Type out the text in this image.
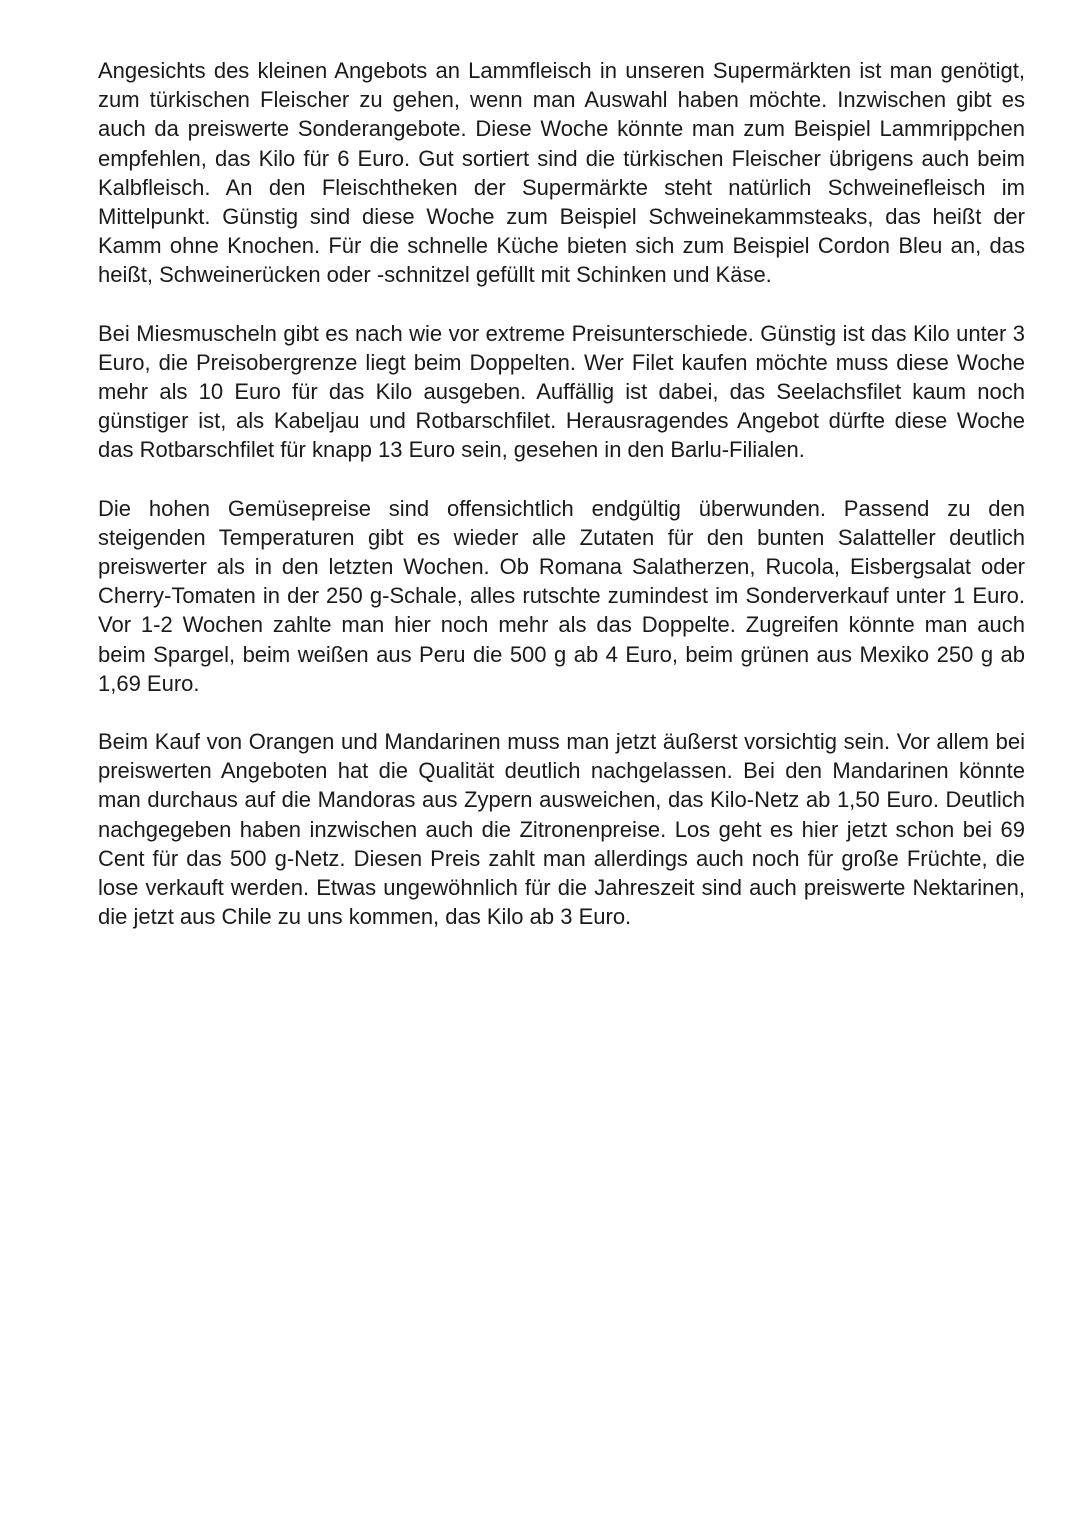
Angesichts des kleinen Angebots an Lammfleisch in unseren Supermärkten ist man genötigt, zum türkischen Fleischer zu gehen, wenn man Auswahl haben möchte. Inzwischen gibt es auch da preiswerte Sonderangebote. Diese Woche könnte man zum Beispiel Lammrippchen empfehlen, das Kilo für 6 Euro. Gut sortiert sind die türkischen Fleischer übrigens auch beim Kalbfleisch. An den Fleischtheken der Supermärkte steht natürlich Schweinefleisch im Mittelpunkt. Günstig sind diese Woche zum Beispiel Schweinekammsteaks, das heißt der Kamm ohne Knochen. Für die schnelle Küche bieten sich zum Beispiel Cordon Bleu an, das heißt, Schweinerücken oder -schnitzel gefüllt mit Schinken und Käse.

Bei Miesmuscheln gibt es nach wie vor extreme Preisunterschiede. Günstig ist das Kilo unter 3 Euro, die Preisobergrenze liegt beim Doppelten. Wer Filet kaufen möchte muss diese Woche mehr als 10 Euro für das Kilo ausgeben. Auffällig ist dabei, das Seelachsfilet kaum noch günstiger ist, als Kabeljau und Rotbarschfilet. Herausragendes Angebot dürfte diese Woche das Rotbarschfilet für knapp 13 Euro sein, gesehen in den Barlu-Filialen.

Die hohen Gemüsepreise sind offensichtlich endgültig überwunden. Passend zu den steigenden Temperaturen gibt es wieder alle Zutaten für den bunten Salatteller deutlich preiswerter als in den letzten Wochen. Ob Romana Salatherzen, Rucola, Eisbergsalat oder Cherry-Tomaten in der 250 g-Schale, alles rutschte zumindest im Sonderverkauf unter 1 Euro. Vor 1-2 Wochen zahlte man hier noch mehr als das Doppelte. Zugreifen könnte man auch beim Spargel, beim weißen aus Peru die 500 g ab 4 Euro, beim grünen aus Mexiko 250 g ab 1,69 Euro.

Beim Kauf von Orangen und Mandarinen muss man jetzt äußerst vorsichtig sein. Vor allem bei preiswerten Angeboten hat die Qualität deutlich nachgelassen. Bei den Mandarinen könnte man durchaus auf die Mandoras aus Zypern ausweichen, das Kilo-Netz ab 1,50 Euro. Deutlich nachgegeben haben inzwischen auch die Zitronenpreise. Los geht es hier jetzt schon bei 69 Cent für das 500 g-Netz. Diesen Preis zahlt man allerdings auch noch für große Früchte, die lose verkauft werden. Etwas ungewöhnlich für die Jahreszeit sind auch preiswerte Nektarinen, die jetzt aus Chile zu uns kommen, das Kilo ab 3 Euro.
